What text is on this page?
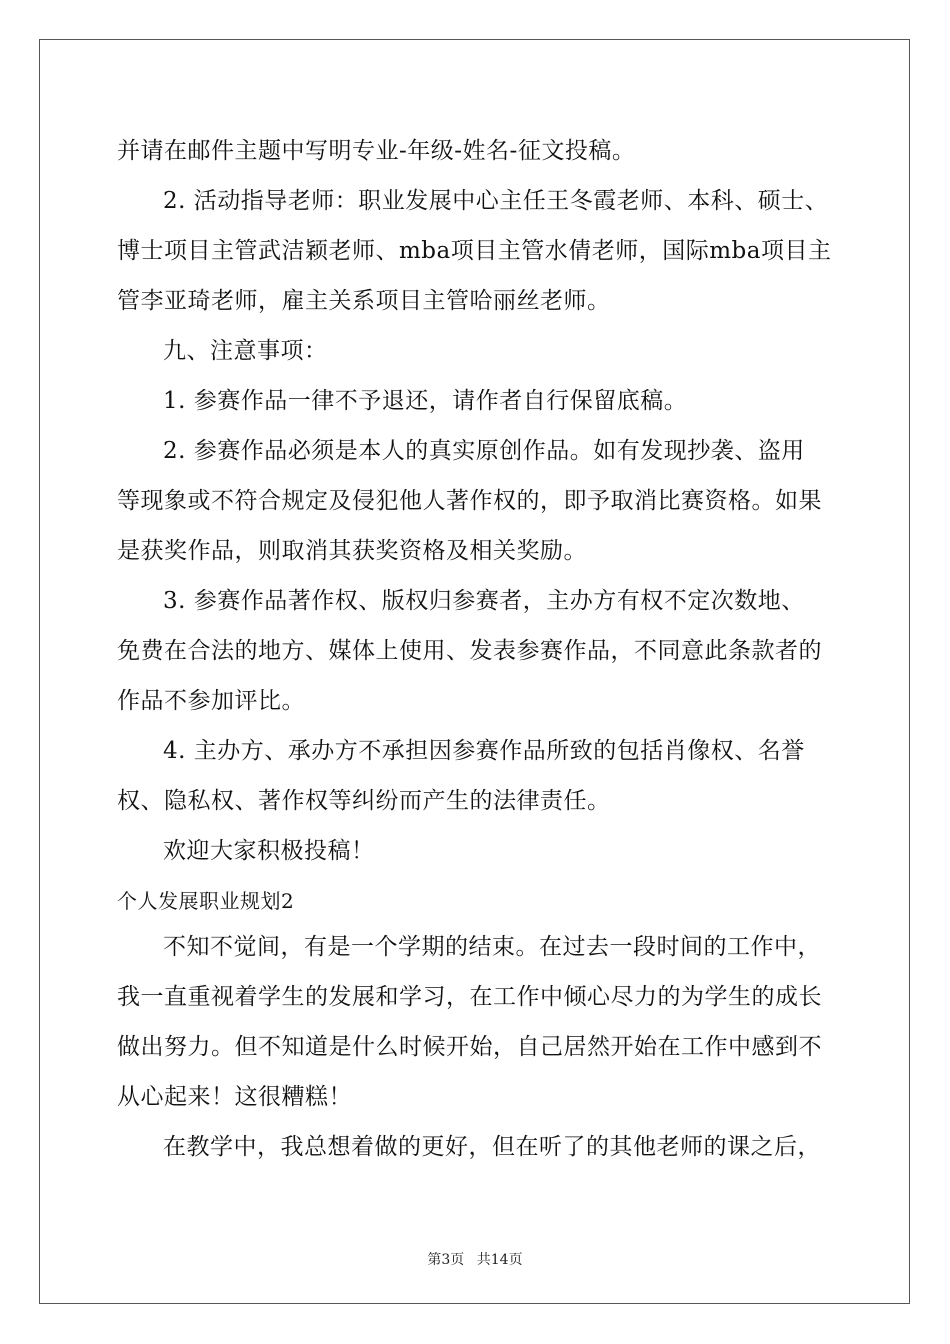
并请在邮件主题中写明专业-年级-姓名-征文投稿。
2. 活动指导老师：职业发展中心主任王冬霞老师、本科、硕士、
博士项目主管武洁颖老师、mba项目主管水倩老师，国际mba项目主
管李亚琦老师，雇主关系项目主管哈丽丝老师。
九、注意事项：
1. 参赛作品一律不予退还，请作者自行保留底稿。
2. 参赛作品必须是本人的真实原创作品。如有发现抄袭、盗用
等现象或不符合规定及侵犯他人著作权的，即予取消比赛资格。如果
是获奖作品，则取消其获奖资格及相关奖励。
3. 参赛作品著作权、版权归参赛者，主办方有权不定次数地、
免费在合法的地方、媒体上使用、发表参赛作品，不同意此条款者的
作品不参加评比。
4. 主办方、承办方不承担因参赛作品所致的包括肖像权、名誉
权、隐私权、著作权等纠纷而产生的法律责任。
欢迎大家积极投稿！
个人发展职业规划2
不知不觉间，有是一个学期的结束。在过去一段时间的工作中，
我一直重视着学生的发展和学习，在工作中倾心尽力的为学生的成长
做出努力。但不知道是什么时候开始，自己居然开始在工作中感到不
从心起来！这很糟糕！
在教学中，我总想着做的更好，但在听了的其他老师的课之后，
第3页 共14页
